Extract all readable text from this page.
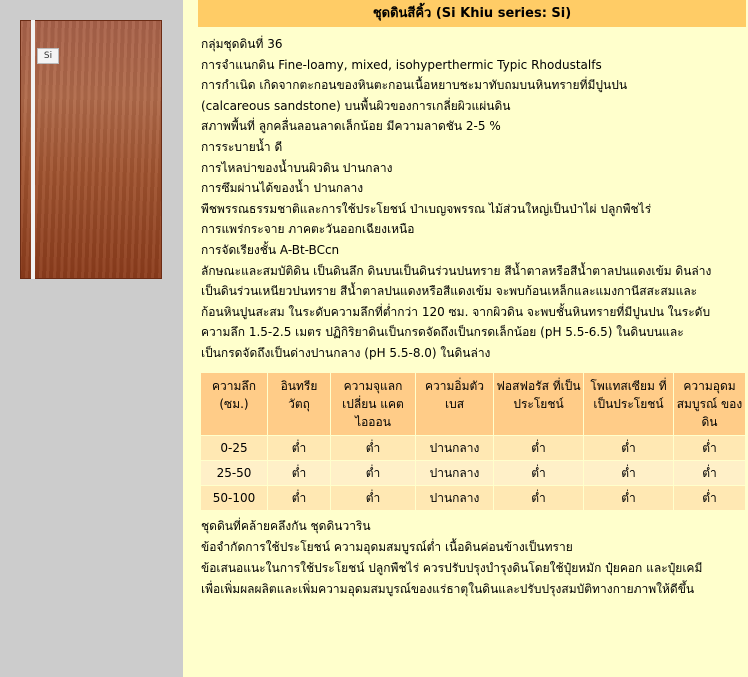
Si
ชุดดินสีคิ้ว (Si Khiu series: Si)
กลุ่มชุดดินที่ 36
การจำแนกดิน Fine-loamy, mixed, isohyperthermic Typic Rhodustalfs
การกำเนิด เกิดจากตะกอนของหินตะกอนเนื้อหยาบชะมาทับถมบนหินทรายที่มีปูนปน
(calcareous sandstone) บนพื้นผิวของการเกลี่ยผิวแผ่นดิน
สภาพพื้นที่ ลูกคลื่นลอนลาดเล็กน้อย มีความลาดชัน 2-5 %
การระบายน้ำ ดี
การไหลบ่าของน้ำบนผิวดิน ปานกลาง
การซึมผ่านได้ของน้ำ ปานกลาง
พืชพรรณธรรมชาติและการใช้ประโยชน์ ป่าเบญจพรรณ ไม้ส่วนใหญ่เป็นป่าไผ่ ปลูกพืชไร่
การแพร่กระจาย ภาคตะวันออกเฉียงเหนือ
การจัดเรียงชั้น A-Bt-BCcn
ลักษณะและสมบัติดิน เป็นดินลึก ดินบนเป็นดินร่วนปนทราย สีน้ำตาลหรือสีน้ำตาลปนแดงเข้ม ดินล่าง
เป็นดินร่วนเหนียวปนทราย สีน้ำตาลปนแดงหรือสีแดงเข้ม จะพบก้อนเหล็กและแมงกานีสสะสมและ
ก้อนหินปูนสะสม ในระดับความลึกที่ต่ำกว่า 120 ซม. จากผิวดิน จะพบชั้นหินทรายที่มีปูนปน ในระดับ
ความลึก 1.5-2.5 เมตร ปฏิกิริยาดินเป็นกรดจัดถึงเป็นกรดเล็กน้อย (pH 5.5-6.5) ในดินบนและ
เป็นกรดจัดถึงเป็นด่างปานกลาง (pH 5.5-8.0) ในดินล่าง
ความลึก (ซม.)	อินทรีย วัตถุ	ความจุแลก เปลี่ยน แคตไอออน	ความอิ่มตัว เบส	ฟอสฟอรัส ที่เป็นประโยชน์	โพแทสเซียม ที่เป็นประโยชน์	ความอุดม สมบูรณ์ ของดิน
0-25	ต่ำ	ต่ำ	ปานกลาง	ต่ำ	ต่ำ	ต่ำ
25-50	ต่ำ	ต่ำ	ปานกลาง	ต่ำ	ต่ำ	ต่ำ
50-100	ต่ำ	ต่ำ	ปานกลาง	ต่ำ	ต่ำ	ต่ำ
ชุดดินที่คล้ายคลึงกัน ชุดดินวาริน
ข้อจำกัดการใช้ประโยชน์ ความอุดมสมบูรณ์ต่ำ เนื้อดินค่อนข้างเป็นทราย
ข้อเสนอแนะในการใช้ประโยชน์ ปลูกพืชไร่ ควรปรับปรุงบำรุงดินโดยใช้ปุ๋ยหมัก ปุ๋ยคอก และปุ๋ยเคมี
เพื่อเพิ่มผลผลิตและเพิ่มความอุดมสมบูรณ์ของแร่ธาตุในดินและปรับปรุงสมบัติทางกายภาพให้ดีขึ้น
